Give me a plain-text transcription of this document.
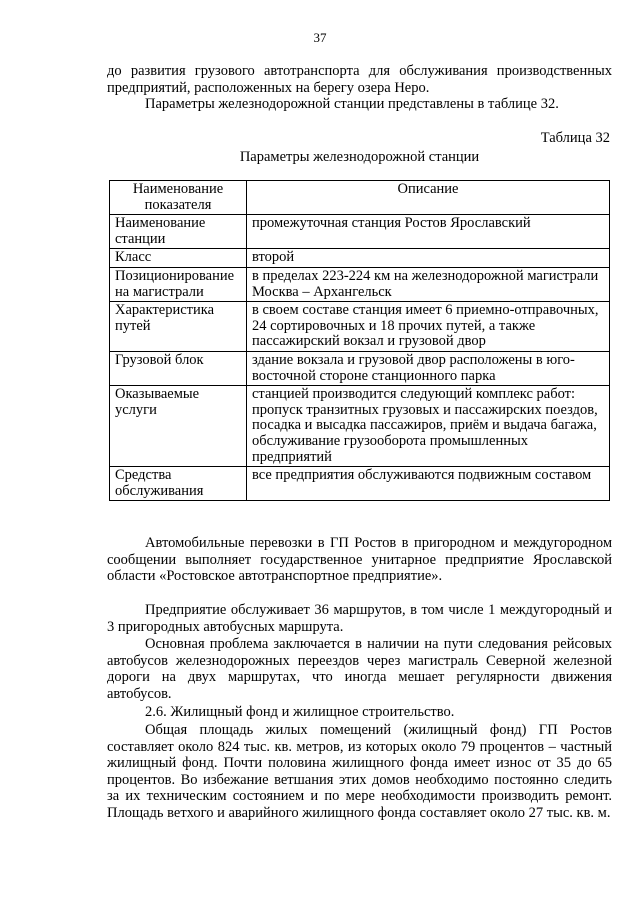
37

до развития грузового автотранспорта для обслуживания производственных предприятий, расположенных на берегу озера Неро.

Параметры железнодорожной станции представлены в таблице 32.

Таблица 32
Параметры железнодорожной станции
Наименование показателя	Описание
Наименование станции	промежуточная станция Ростов Ярославский
Класс	второй
Позиционирование на магистрали	в пределах 223-224 км на железнодорожной магистрали Москва – Архангельск
Характеристика путей	в своем составе станция имеет 6 приемно-отправочных, 24 сортировочных и 18 прочих путей, а также пассажирский вокзал и грузовой двор
Грузовой блок	здание вокзала и грузовой двор расположены в юго-восточной стороне станционного парка
Оказываемые услуги	станцией производится следующий комплекс работ: пропуск транзитных грузовых и пассажирских поездов, посадка и высадка пассажиров, приём и выдача багажа, обслуживание грузооборота промышленных предприятий
Средства обслуживания	все предприятия обслуживаются подвижным составом

Автомобильные перевозки в ГП Ростов в пригородном и междугородном сообщении выполняет государственное унитарное предприятие Ярославской области «Ростовское автотранспортное предприятие».

Предприятие обслуживает 36 маршрутов, в том числе 1 междугородный и 3 пригородных автобусных маршрута.

Основная проблема заключается в наличии на пути следования рейсовых автобусов железнодорожных переездов через магистраль Северной железной дороги на двух маршрутах, что иногда мешает регулярности движения автобусов.

2.6. Жилищный фонд и жилищное строительство.

Общая площадь жилых помещений (жилищный фонд) ГП Ростов составляет около 824 тыс. кв. метров, из которых около 79 процентов – частный жилищный фонд. Почти половина жилищного фонда имеет износ от 35 до 65 процентов. Во избежание ветшания этих домов необходимо постоянно следить за их техническим состоянием и по мере необходимости производить ремонт. Площадь ветхого и аварийного жилищного фонда составляет около 27 тыс. кв. м.
